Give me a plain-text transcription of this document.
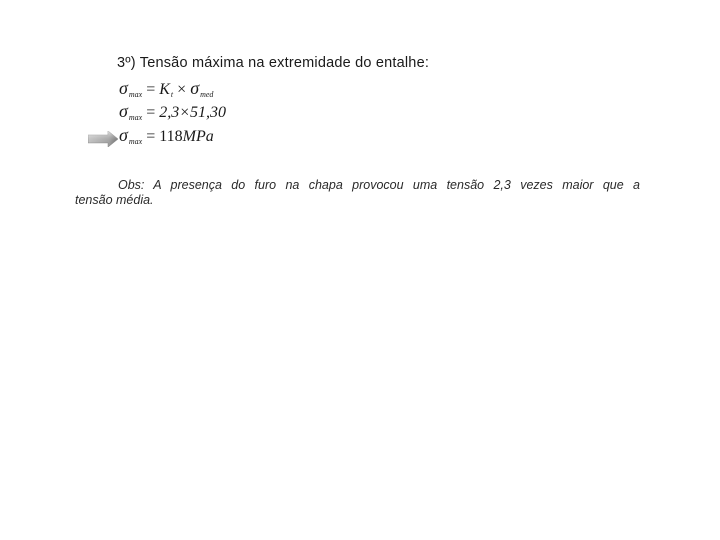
3º) Tensão máxima na extremidade do entalhe:
σ max = K t × σ med
σ max = 2,3×51,30
σ max = 118 MPa
Obs: A presença do furo na chapa provocou uma tensão 2,3 vezes maior que a
tensão média.
